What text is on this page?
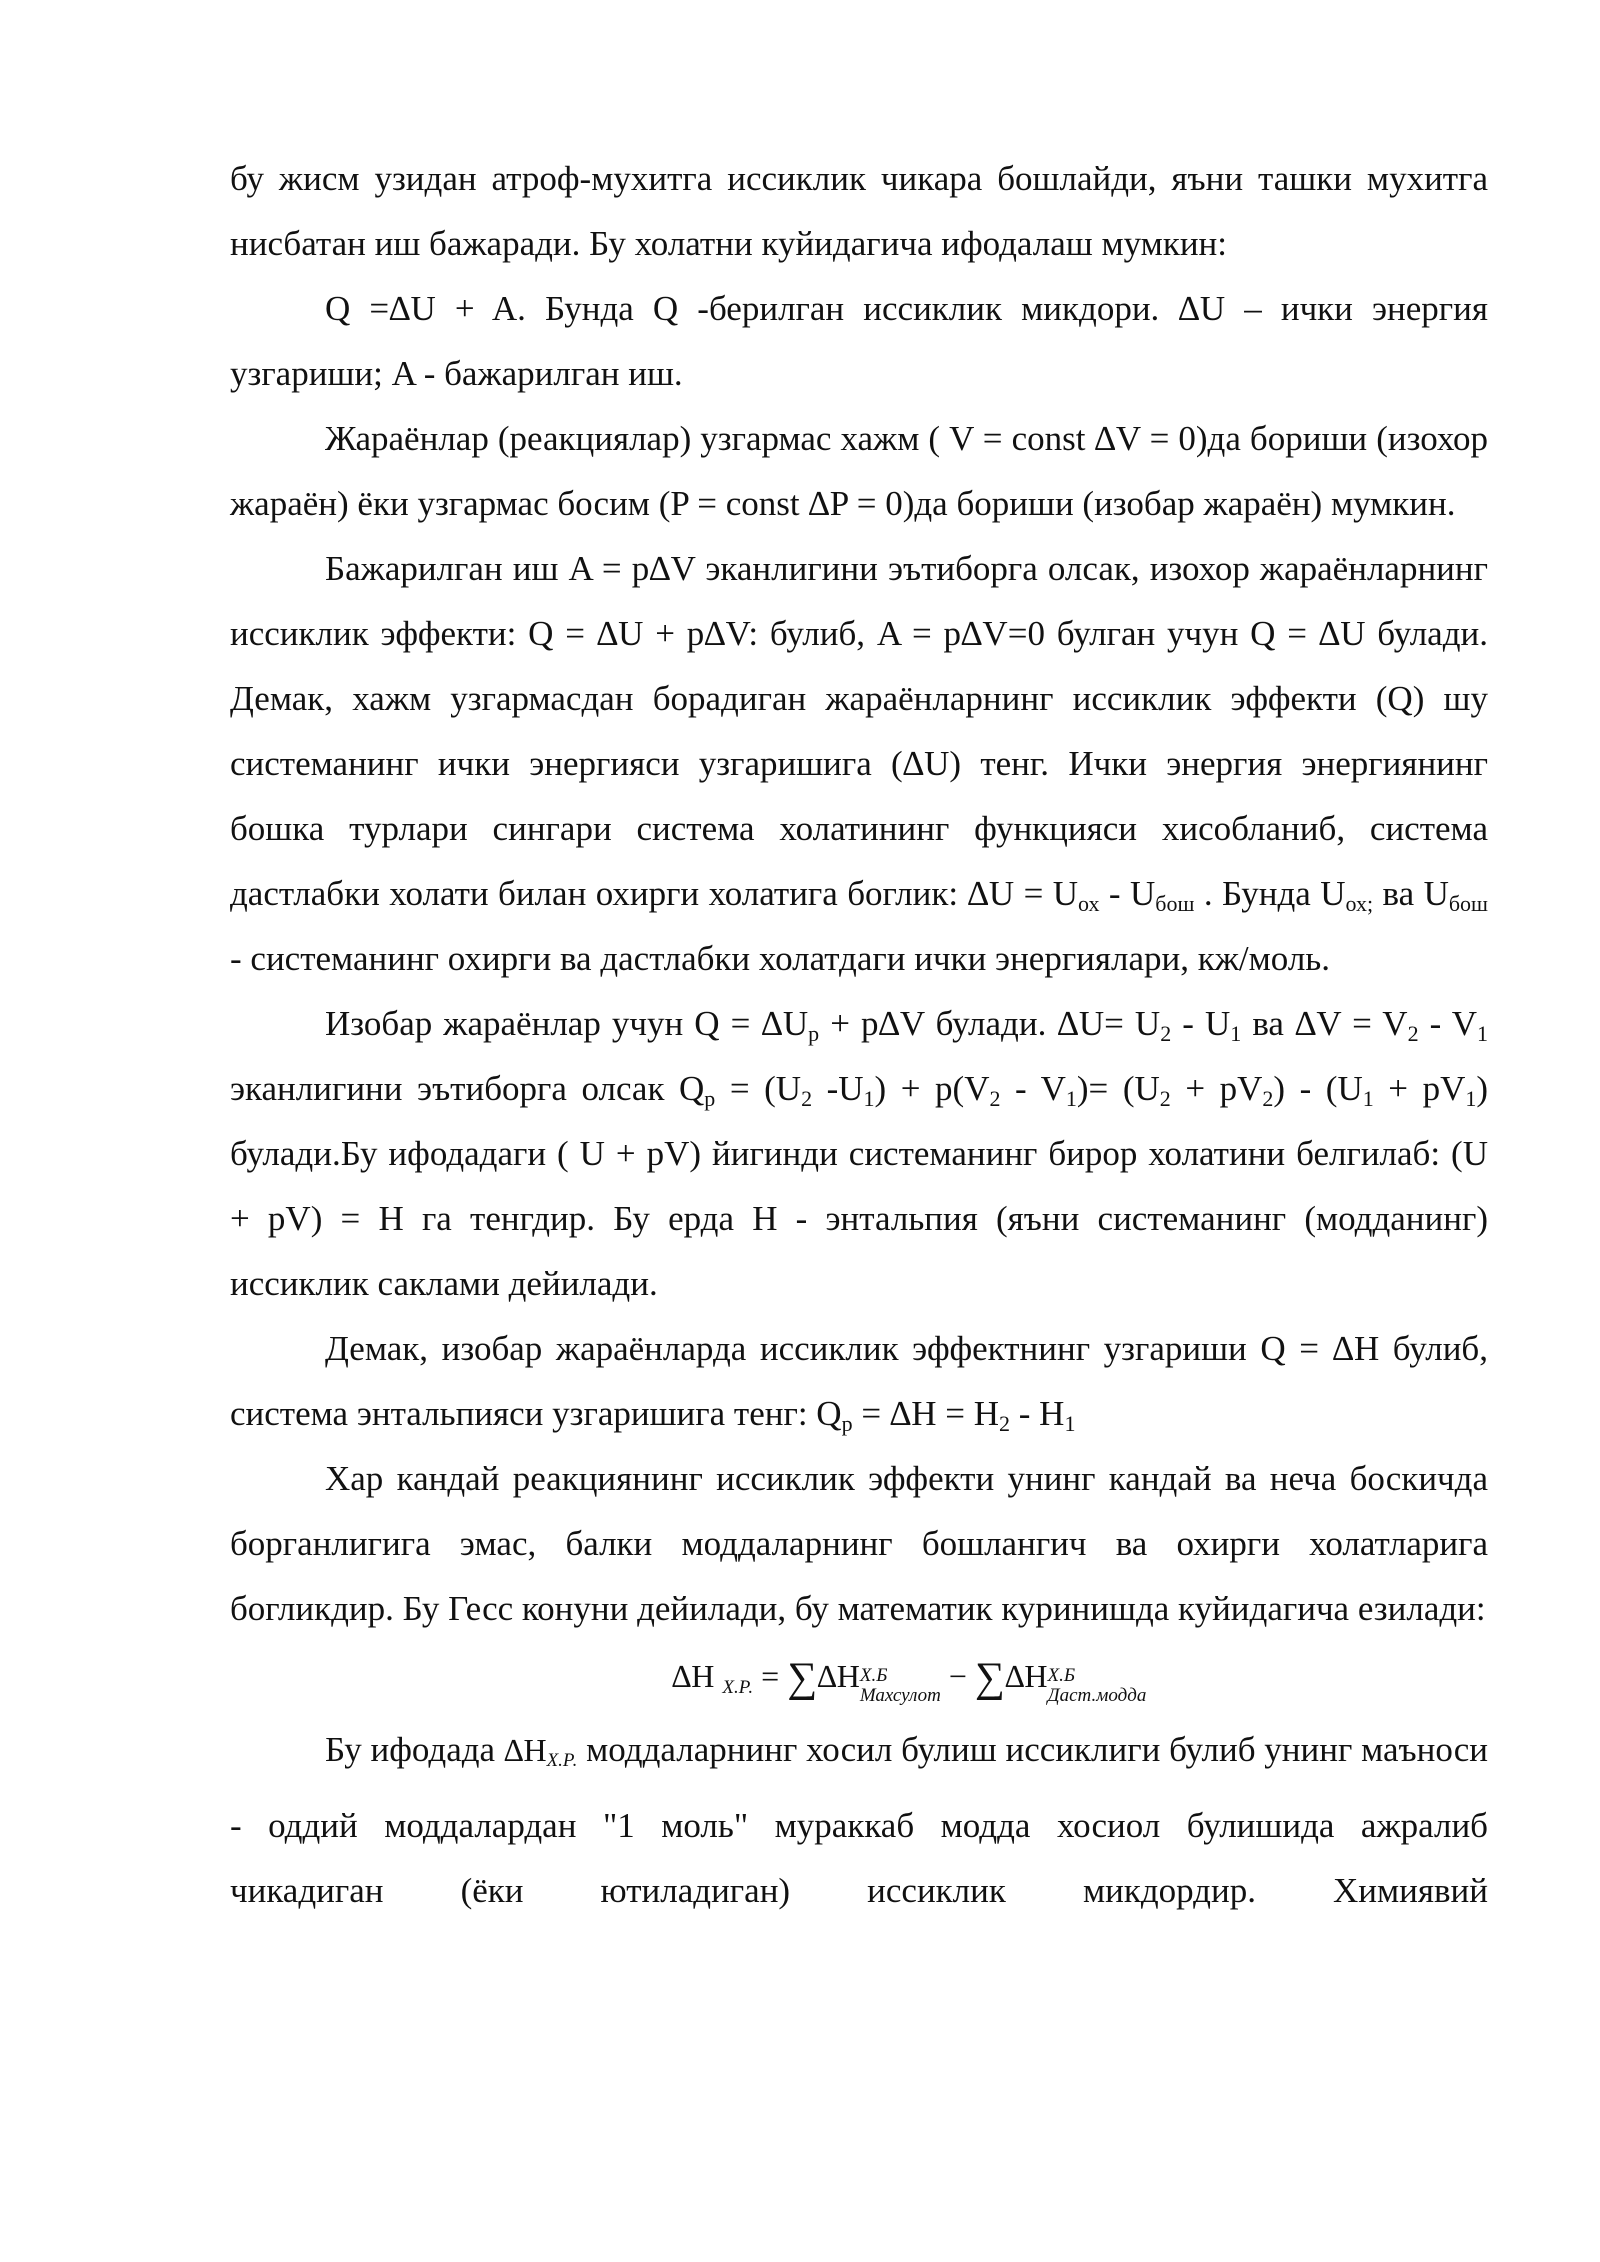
бу жисм узидан атроф-мухитга иссиклик чикара бошлайди, яъни ташки мухитга нисбатан иш бажаради. Бу холатни куйидагича ифодалаш мумкин:

Q =∆U + A. Бунда Q -берилган иссиклик микдори. ∆U – ички энергия узгариши; A - бажарилган иш.

Жараёнлар (реакциялар) узгармас хажм ( V = const ∆V = 0)да бориши (изохор жараён) ёки узгармас босим (P = const ∆P = 0)да бориши (изобар жараён) мумкин.

Бажарилган иш A = p∆V эканлигини эътиборга олсак, изохор жараёнларнинг иссиклик эффекти: Q = ∆U + p∆V: булиб, A = p∆V=0 булган учун Q = ∆U булади. Демак, хажм узгармасдан борадиган жараёнларнинг иссиклик эффекти (Q) шу системанинг ички энергияси узгаришига (∆U) тенг. Ички энергия энергиянинг бошка турлари сингари система холатининг функцияси хисобланиб, система дастлабки холати билан охирги холатига боглик: $\Delta U = U_{ох} - U_{бош}$ . Бунда $U_{ох;}$ ва $U_{бош}$ - системанинг охирги ва дастлабки холатдаги ички энергиялари, кж/моль.

Изобар жараёнлар учун $Q = \Delta U_p + p\Delta V$ булади. $\Delta U= U_2 - U_1$ ва $\Delta V = V_2 - V_1$ эканлигини эътиборга олсак $Q_p = (U_2$ $-U_1) + p(V_2 - V_1)= (U_2 + pV_2) - (U_1 + pV_1)$ булади.Бу ифодадаги ( U + pV) йигинди системанинг бирор холатини белгилаб: (U + pV) = H га тенгдир. Бу ерда H - энтальпия (яъни системанинг (модданинг) иссиклик саклами дейилади.

Демак, изобар жараёнларда иссиклик эффектнинг узгариши Q = ∆H булиб, система энтальпияси узгаришига тенг: $Q_p = \Delta H = H_2 - H_1$

Хар кандай реакциянинг иссиклик эффекти унинг кандай ва неча боскичда борганлигига эмас, балки моддаларнинг бошлангич ва охирги холатларига богликдир. Бу Гесс конуни дейилади, бу математик куринишда куйидагича езилади:

∆H $_{Х.Р.}$ = ∑∆H Х.Б
Махсулот
− ∑∆H Х.Б
Даст.модда

Бу ифодада ∆HХ.Р. моддаларнинг хосил булиш иссиклиги булиб унинг маъноси - оддий моддалардан "1 моль" мураккаб модда хосиол булишида ажралиб чикадиган (ёки ютиладиган) иссиклик микдордир. Химиявий
